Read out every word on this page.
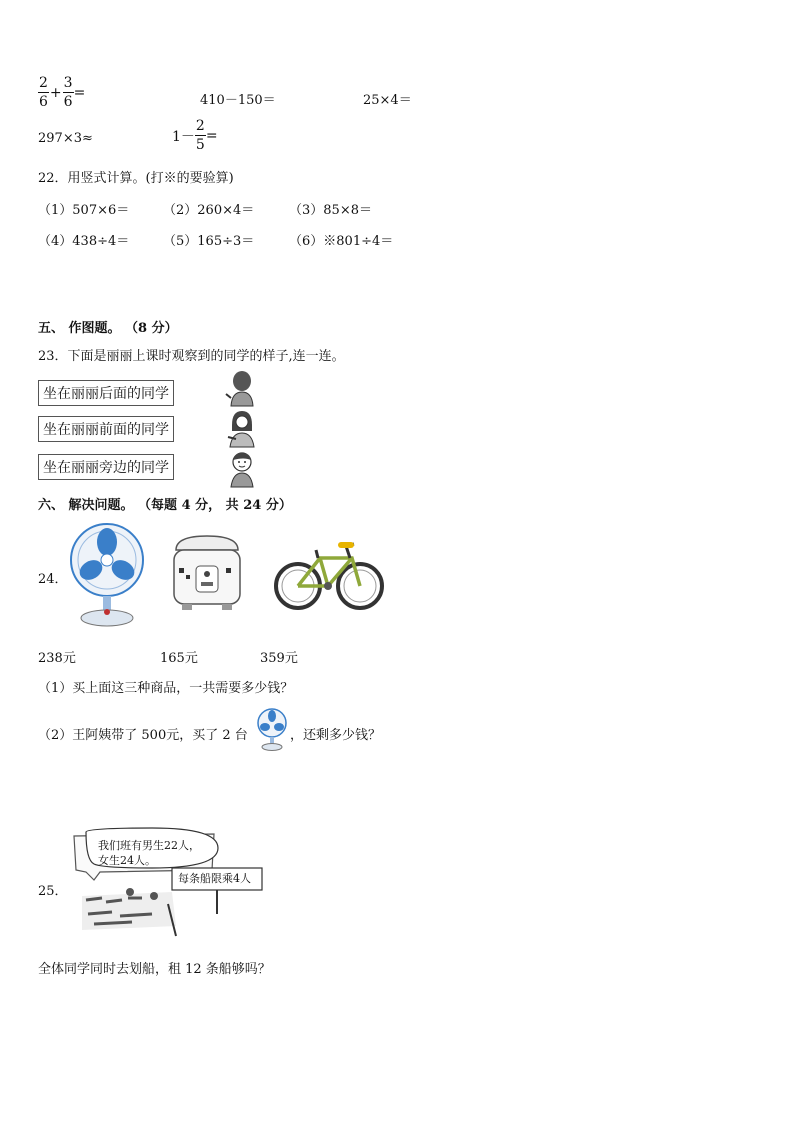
$\frac{2}{6} + \frac{3}{6}$ =	410－150＝	25×4＝
297×3≈	$1- \frac{2}{5}$ =
22．用竖式计算。(打※的要验算)
（1）507×6＝	（2）260×4＝	（3）85×8＝
（4）438÷4＝	（5）165÷3＝	（6）※801÷4＝
五、 作图题。 （8 分）
23．下面是丽丽上课时观察到的同学的样子,连一连。
坐在丽丽后面的同学
坐在丽丽前面的同学
坐在丽丽旁边的同学
六、 解决问题。 （每题 4 分， 共 24 分）
24．
238元	165元	359元
（1）买上面这三种商品，一共需要多少钱？
（2）王阿姨带了 500元，买了 2 台	，还剩多少钱？
25．
我们班有男生22人，
女生24人。
每条船限乘4人
全体同学同时去划船，租 12 条船够吗？
